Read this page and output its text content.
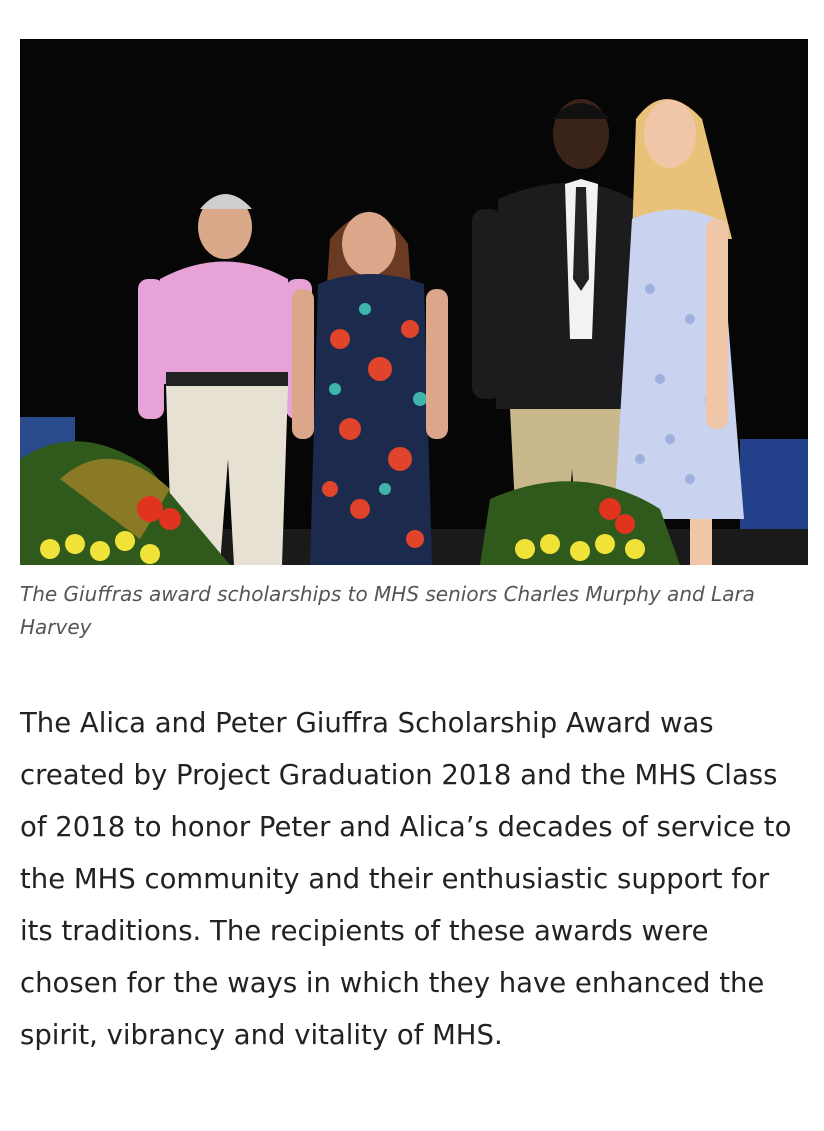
The Giuffras award scholarships to MHS seniors Charles Murphy and Lara Harvey

The Alica and Peter Giuffra Scholarship Award was created by Project Graduation 2018 and the MHS Class of 2018 to honor Peter and Alica’s decades of service to the MHS community and their enthusiastic support for its traditions. The recipients of these awards were chosen for the ways in which they have enhanced the spirit, vibrancy and vitality of MHS.
